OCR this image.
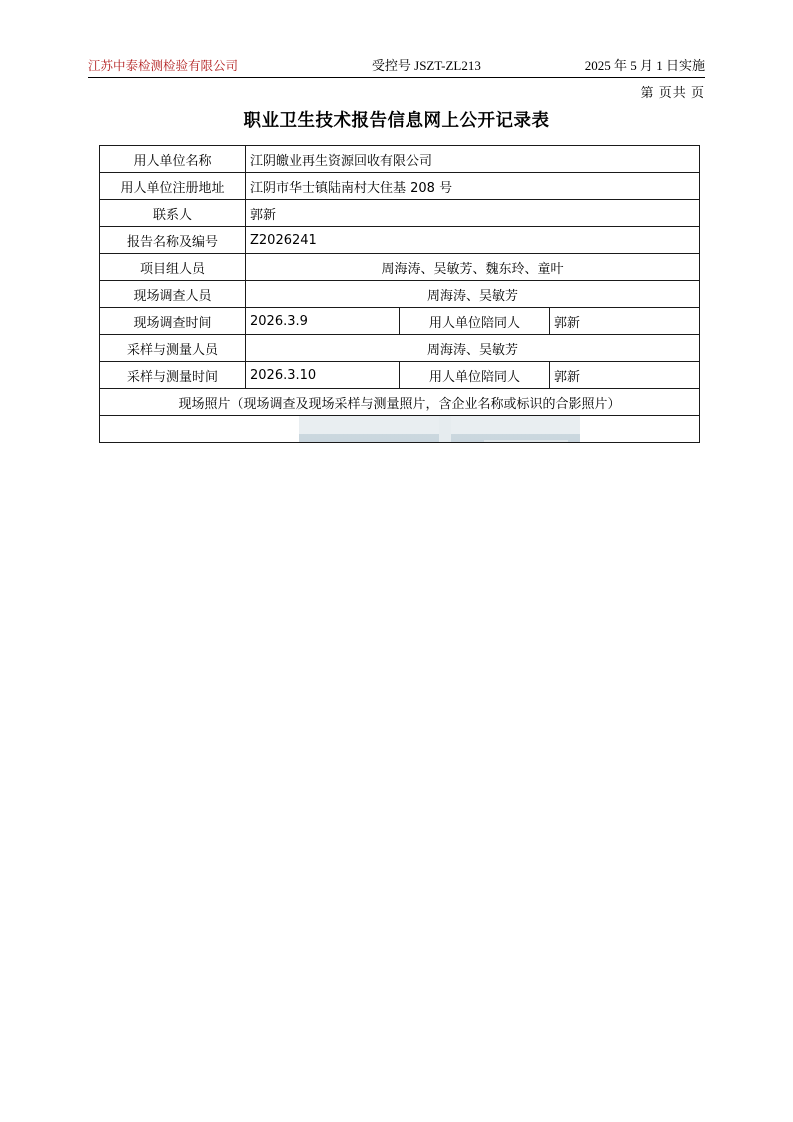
江苏中泰检测检验有限公司	受控号 JSZT-ZL213	2025 年 5 月 1 日实施
第 页共 页
职业卫生技术报告信息网上公开记录表
用人单位名称	江阴皦业再生资源回收有限公司		
用人单位注册地址	江阴市华士镇陆南村大住基 208 号		
联系人	郭新		
报告名称及编号	Z2026241		
项目组人员	周海涛、吴敏芳、魏东玲、童叶		
现场调查人员	周海涛、吴敏芳		
现场调查时间	2026.3.9	用人单位陪同人	郭新
采样与测量人员	周海涛、吴敏芳		
采样与测量时间	2026.3.10	用人单位陪同人	郭新
现场照片（现场调查及现场采样与测量照片，含企业名称或标识的合影照片）			
